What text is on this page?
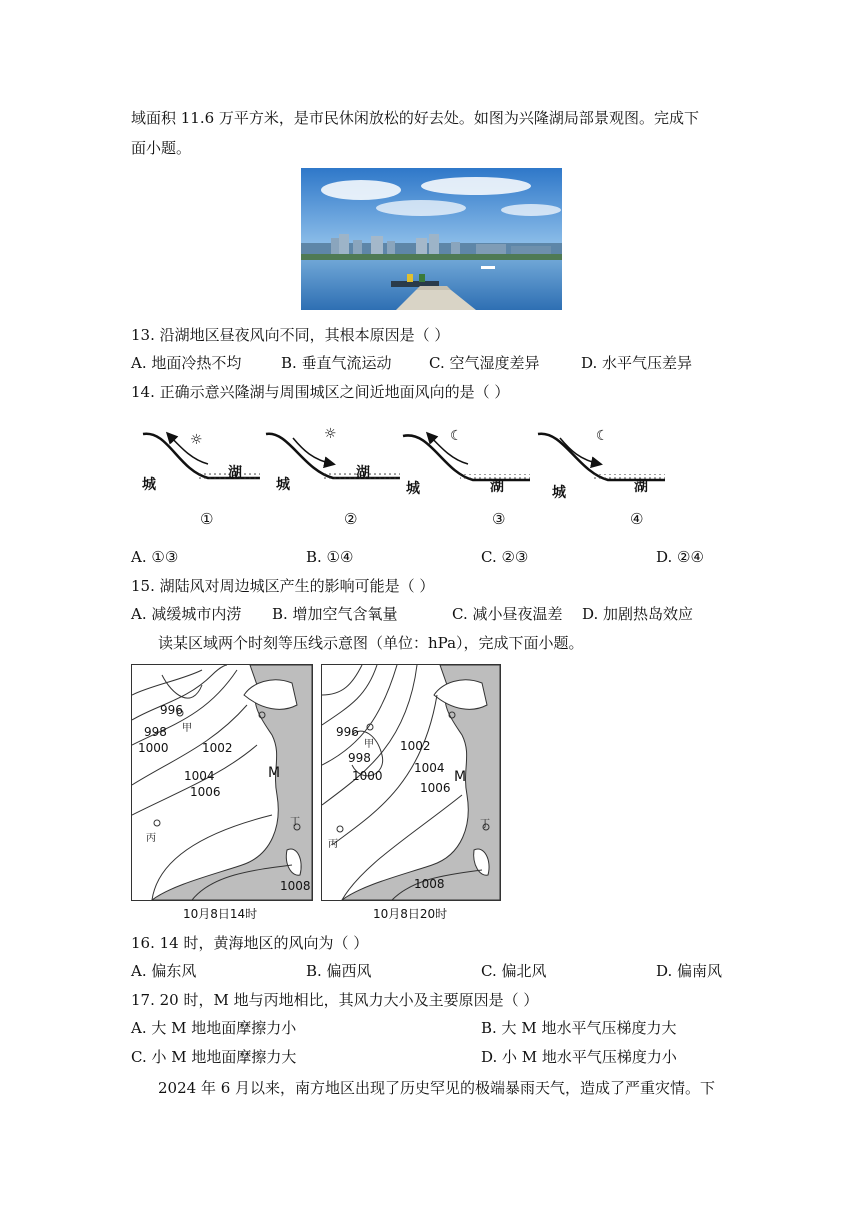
域面积 11.6 万平方米，是市民休闲放松的好去处。如图为兴隆湖局部景观图。完成下
面小题。
13. 沿湖地区昼夜风向不同，其根本原因是（ ）
A. 地面冷热不均	B. 垂直气流运动 C. 空气湿度差异	D. 水平气压差异
14. 正确示意兴隆湖与周围城区之间近地面风向的是（ ）
☼	☼	☾	☾
城
湖
城
湖
城	湖	城	湖
①	②	③	④
A. ①③	B. ①④	C. ②③	D. ②④
15. 湖陆风对周边城区产生的影响可能是（ ）
A. 减缓城市内涝 B. 增加空气含氧量	C. 减小昼夜温差 D. 加剧热岛效应
读某区域两个时刻等压线示意图（单位：hPa），完成下面小题。
996
998
1000	1002
1004
1006
1008
甲
丙
丁
M
10月8日14时
996
998
1000
1002
1004
1006
1008
甲
丙
丁
M
10月8日20时
16. 14 时，黄海地区的风向为（ ）
A. 偏东风	B. 偏西风	C. 偏北风	D. 偏南风
17. 20 时，M 地与丙地相比，其风力大小及主要原因是（ ）
A. 大 M 地地面摩擦力小	B. 大 M 地水平气压梯度力大
C. 小 M 地地面摩擦力大	D. 小 M 地水平气压梯度力小
2024 年 6 月以来，南方地区出现了历史罕见的极端暴雨天气，造成了严重灾情。下
